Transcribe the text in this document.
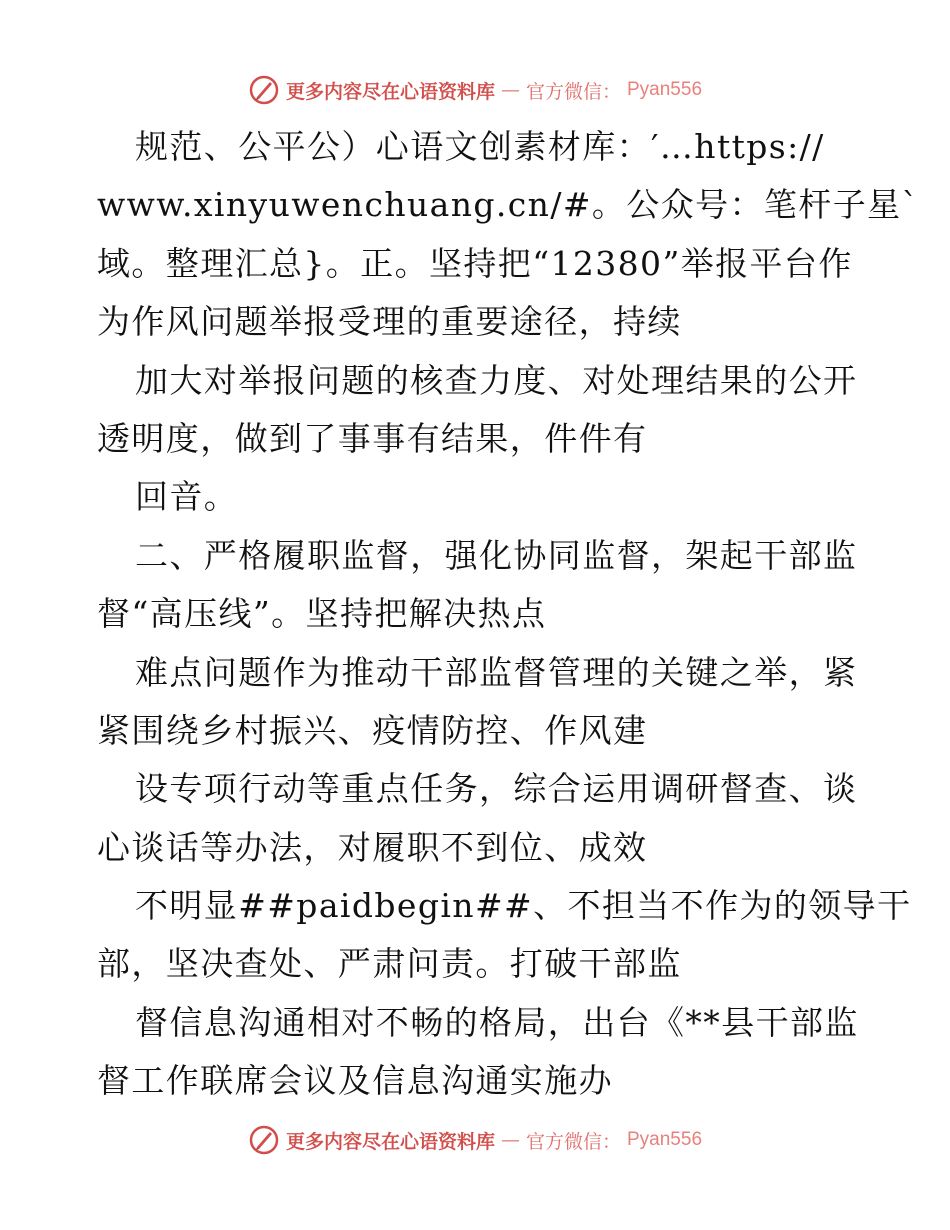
更多内容尽在心语资料库 — 官方微信： Pyan556
规范、公平公）心语文创素材库：′…https://
www.xinyuwenchuang.cn/#。公众号：笔杆子星`
域。整理汇总}。正。坚持把“12380”举报平台作
为作风问题举报受理的重要途径，持续
加大对举报问题的核查力度、对处理结果的公开
透明度，做到了事事有结果，件件有
回音。
二、严格履职监督，强化协同监督，架起干部监
督“高压线”。坚持把解决热点
难点问题作为推动干部监督管理的关键之举，紧
紧围绕乡村振兴、疫情防控、作风建
设专项行动等重点任务，综合运用调研督查、谈
心谈话等办法，对履职不到位、成效
不明显##paidbegin##、不担当不作为的领导干
部，坚决查处、严肃问责。打破干部监
督信息沟通相对不畅的格局，出台《**县干部监
督工作联席会议及信息沟通实施办
更多内容尽在心语资料库 — 官方微信： Pyan556
